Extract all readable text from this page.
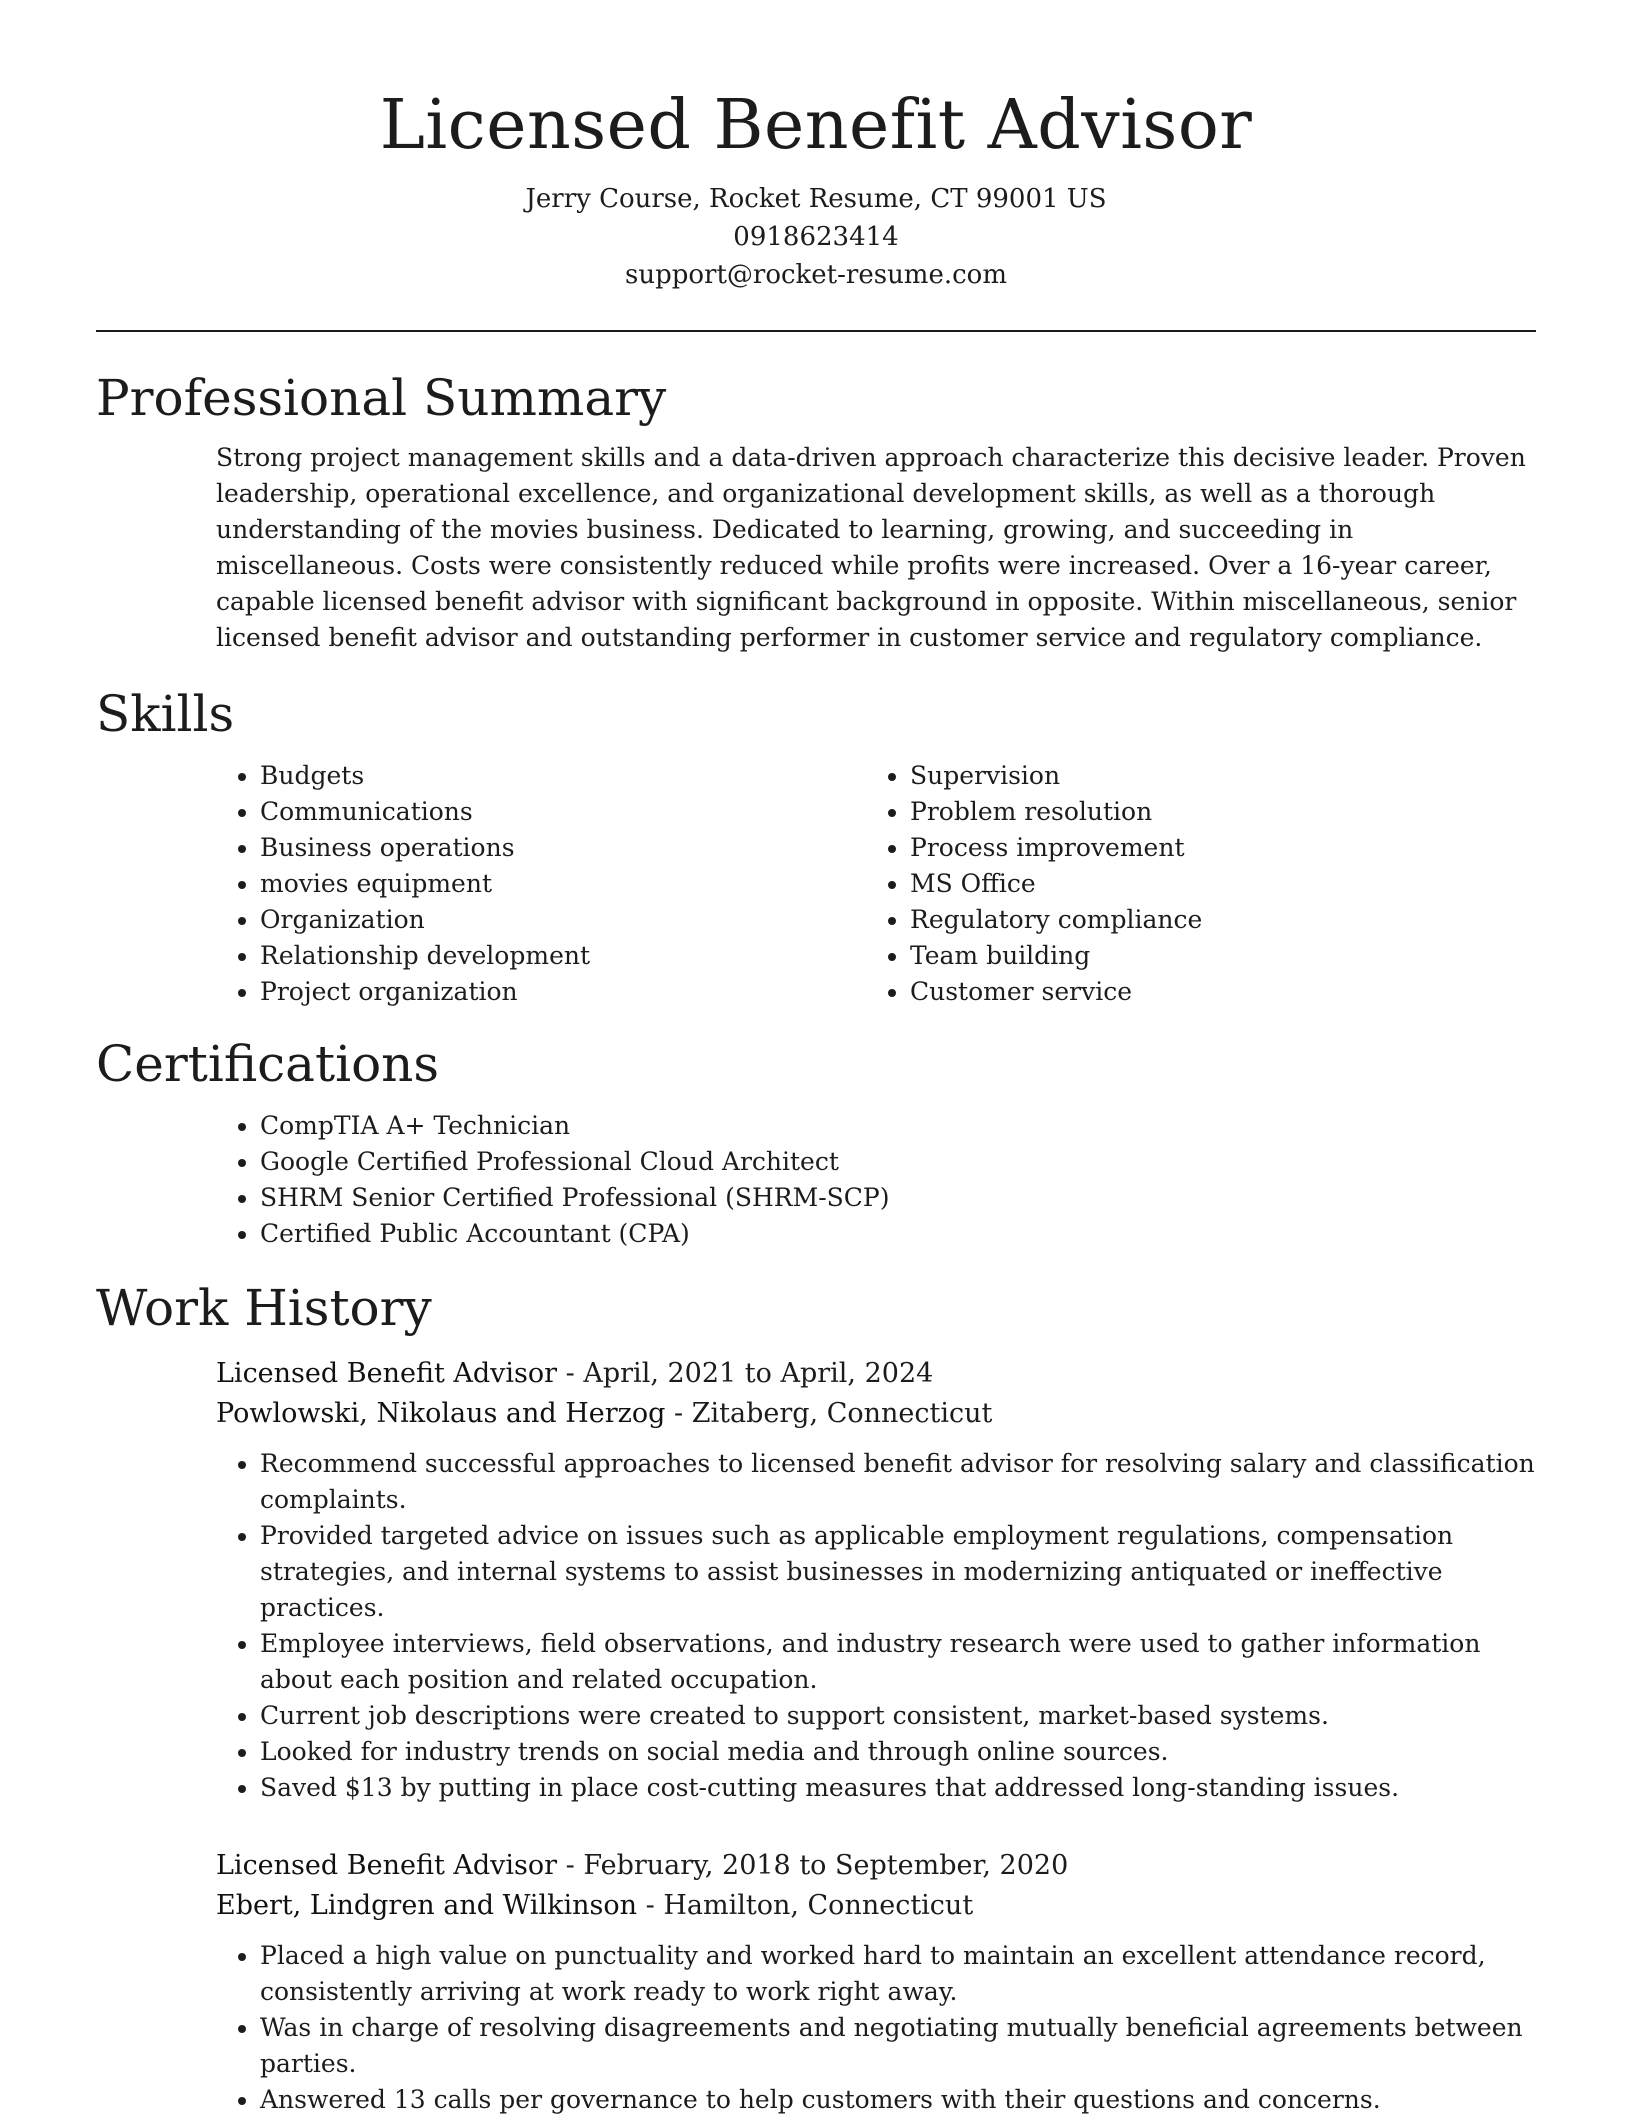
Licensed Benefit Advisor

Jerry Course, Rocket Resume, CT 99001 US

0918623414

support@rocket-resume.com

Professional Summary

Strong project management skills and a data-driven approach characterize this decisive leader. Proven leadership, operational excellence, and organizational development skills, as well as a thorough understanding of the movies business. Dedicated to learning, growing, and succeeding in miscellaneous. Costs were consistently reduced while profits were increased. Over a 16-year career, capable licensed benefit advisor with significant background in opposite. Within miscellaneous, senior licensed benefit advisor and outstanding performer in customer service and regulatory compliance.

Skills
• Budgets
• Communications
• Business operations
• movies equipment
• Organization
• Relationship development
• Project organization
• Supervision
• Problem resolution
• Process improvement
• MS Office
• Regulatory compliance
• Team building
• Customer service
Certifications
• CompTIA A+ Technician
• Google Certified Professional Cloud Architect
• SHRM Senior Certified Professional (SHRM-SCP)
• Certified Public Accountant (CPA)
Work History

Licensed Benefit Advisor - April, 2021 to April, 2024

Powlowski, Nikolaus and Herzog - Zitaberg, Connecticut

• Recommend successful approaches to licensed benefit advisor for resolving salary and classification complaints.
• Provided targeted advice on issues such as applicable employment regulations, compensation strategies, and internal systems to assist businesses in modernizing antiquated or ineffective practices.
• Employee interviews, field observations, and industry research were used to gather information about each position and related occupation.
• Current job descriptions were created to support consistent, market-based systems.
• Looked for industry trends on social media and through online sources.
• Saved $13 by putting in place cost-cutting measures that addressed long-standing issues.

Licensed Benefit Advisor - February, 2018 to September, 2020

Ebert, Lindgren and Wilkinson - Hamilton, Connecticut

• Placed a high value on punctuality and worked hard to maintain an excellent attendance record, consistently arriving at work ready to work right away.
• Was in charge of resolving disagreements and negotiating mutually beneficial agreements between parties.
• Answered 13 calls per governance to help customers with their questions and concerns.
